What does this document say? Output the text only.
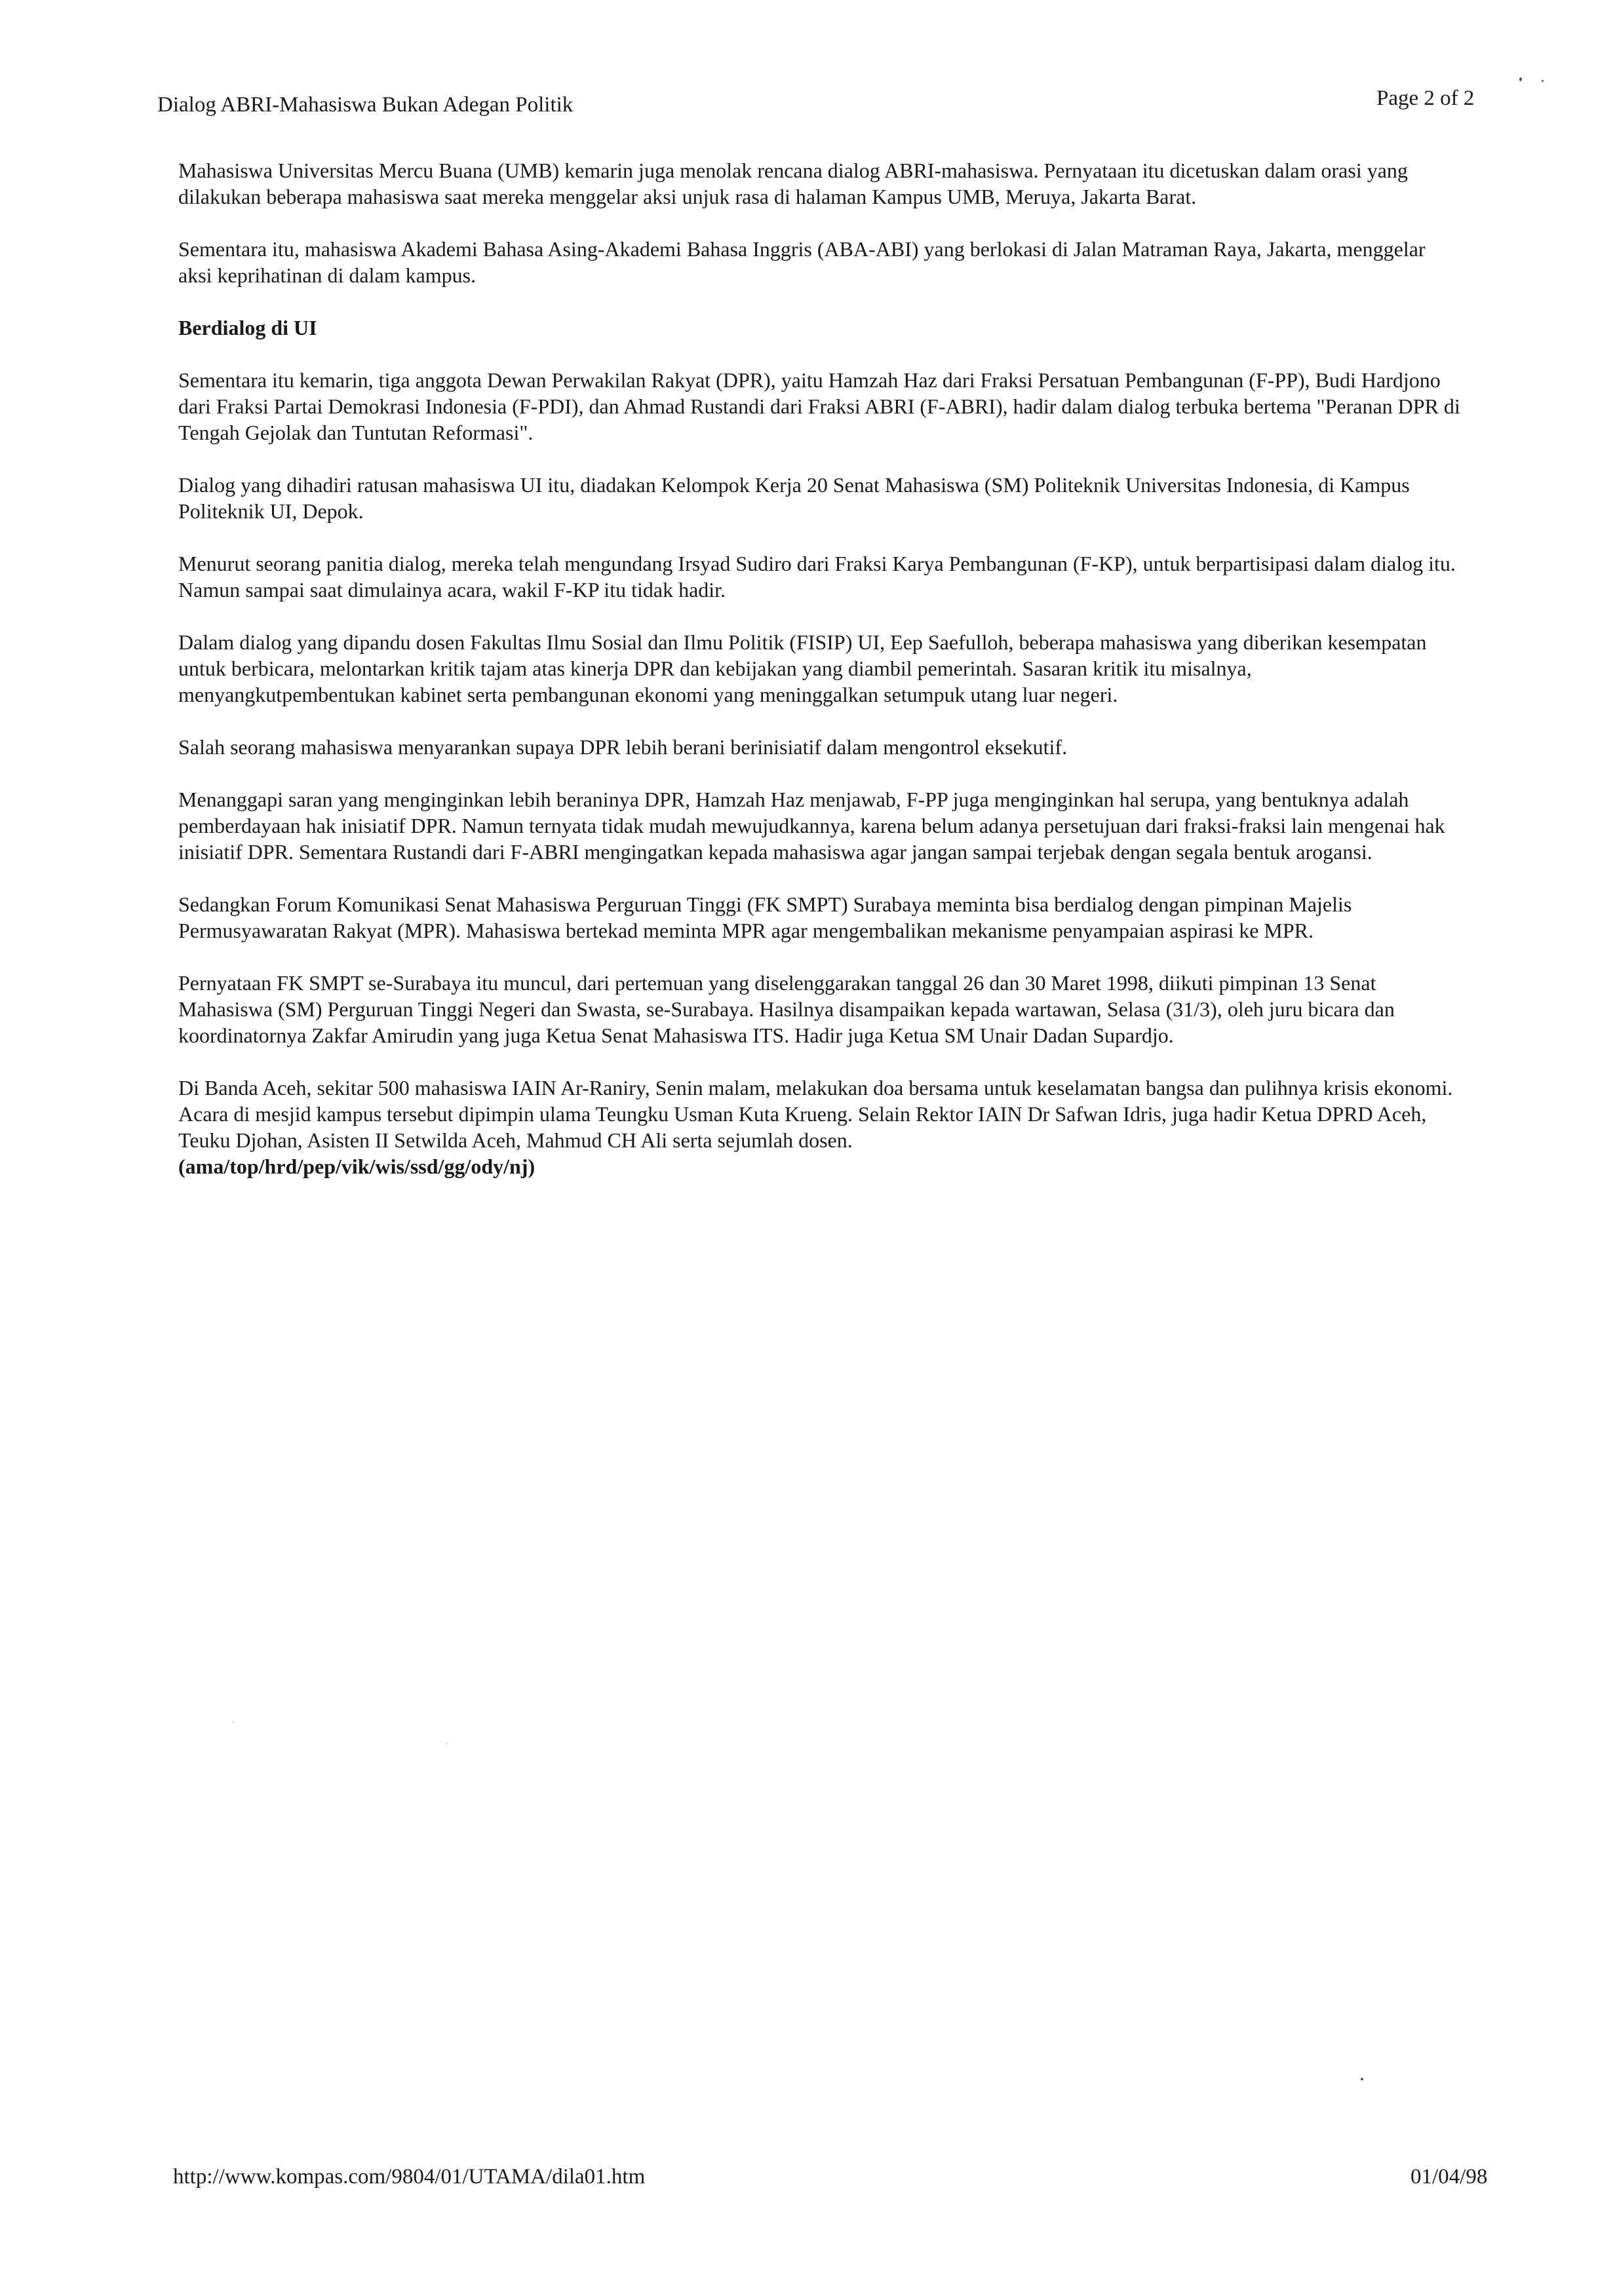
Dialog ABRI-Mahasiswa Bukan Adegan Politik	Page 2 of 2

Mahasiswa Universitas Mercu Buana (UMB) kemarin juga menolak rencana dialog ABRI-mahasiswa. Pernyataan itu dicetuskan dalam orasi yang dilakukan beberapa mahasiswa saat mereka menggelar aksi unjuk rasa di halaman Kampus UMB, Meruya, Jakarta Barat.

Sementara itu, mahasiswa Akademi Bahasa Asing-Akademi Bahasa Inggris (ABA-ABI) yang berlokasi di Jalan Matraman Raya, Jakarta, menggelar aksi keprihatinan di dalam kampus.

Berdialog di UI

Sementara itu kemarin, tiga anggota Dewan Perwakilan Rakyat (DPR), yaitu Hamzah Haz dari Fraksi Persatuan Pembangunan (F-PP), Budi Hardjono dari Fraksi Partai Demokrasi Indonesia (F-PDI), dan Ahmad Rustandi dari Fraksi ABRI (F-ABRI), hadir dalam dialog terbuka bertema "Peranan DPR di Tengah Gejolak dan Tuntutan Reformasi".

Dialog yang dihadiri ratusan mahasiswa UI itu, diadakan Kelompok Kerja 20 Senat Mahasiswa (SM) Politeknik Universitas Indonesia, di Kampus Politeknik UI, Depok.

Menurut seorang panitia dialog, mereka telah mengundang Irsyad Sudiro dari Fraksi Karya Pembangunan (F-KP), untuk berpartisipasi dalam dialog itu. Namun sampai saat dimulainya acara, wakil F-KP itu tidak hadir.

Dalam dialog yang dipandu dosen Fakultas Ilmu Sosial dan Ilmu Politik (FISIP) UI, Eep Saefulloh, beberapa mahasiswa yang diberikan kesempatan untuk berbicara, melontarkan kritik tajam atas kinerja DPR dan kebijakan yang diambil pemerintah. Sasaran kritik itu misalnya, menyangkutpembentukan kabinet serta pembangunan ekonomi yang meninggalkan setumpuk utang luar negeri.

Salah seorang mahasiswa menyarankan supaya DPR lebih berani berinisiatif dalam mengontrol eksekutif.

Menanggapi saran yang menginginkan lebih beraninya DPR, Hamzah Haz menjawab, F-PP juga menginginkan hal serupa, yang bentuknya adalah pemberdayaan hak inisiatif DPR. Namun ternyata tidak mudah mewujudkannya, karena belum adanya persetujuan dari fraksi-fraksi lain mengenai hak inisiatif DPR. Sementara Rustandi dari F-ABRI mengingatkan kepada mahasiswa agar jangan sampai terjebak dengan segala bentuk arogansi.

Sedangkan Forum Komunikasi Senat Mahasiswa Perguruan Tinggi (FK SMPT) Surabaya meminta bisa berdialog dengan pimpinan Majelis Permusyawaratan Rakyat (MPR). Mahasiswa bertekad meminta MPR agar mengembalikan mekanisme penyampaian aspirasi ke MPR.

Pernyataan FK SMPT se-Surabaya itu muncul, dari pertemuan yang diselenggarakan tanggal 26 dan 30 Maret 1998, diikuti pimpinan 13 Senat Mahasiswa (SM) Perguruan Tinggi Negeri dan Swasta, se-Surabaya. Hasilnya disampaikan kepada wartawan, Selasa (31/3), oleh juru bicara dan koordinatornya Zakfar Amirudin yang juga Ketua Senat Mahasiswa ITS. Hadir juga Ketua SM Unair Dadan Supardjo.

Di Banda Aceh, sekitar 500 mahasiswa IAIN Ar-Raniry, Senin malam, melakukan doa bersama untuk keselamatan bangsa dan pulihnya krisis ekonomi. Acara di mesjid kampus tersebut dipimpin ulama Teungku Usman Kuta Krueng. Selain Rektor IAIN Dr Safwan Idris, juga hadir Ketua DPRD Aceh, Teuku Djohan, Asisten II Setwilda Aceh, Mahmud CH Ali serta sejumlah dosen.
(ama/top/hrd/pep/vik/wis/ssd/gg/ody/nj)

http://www.kompas.com/9804/01/UTAMA/dila01.htm	01/04/98
